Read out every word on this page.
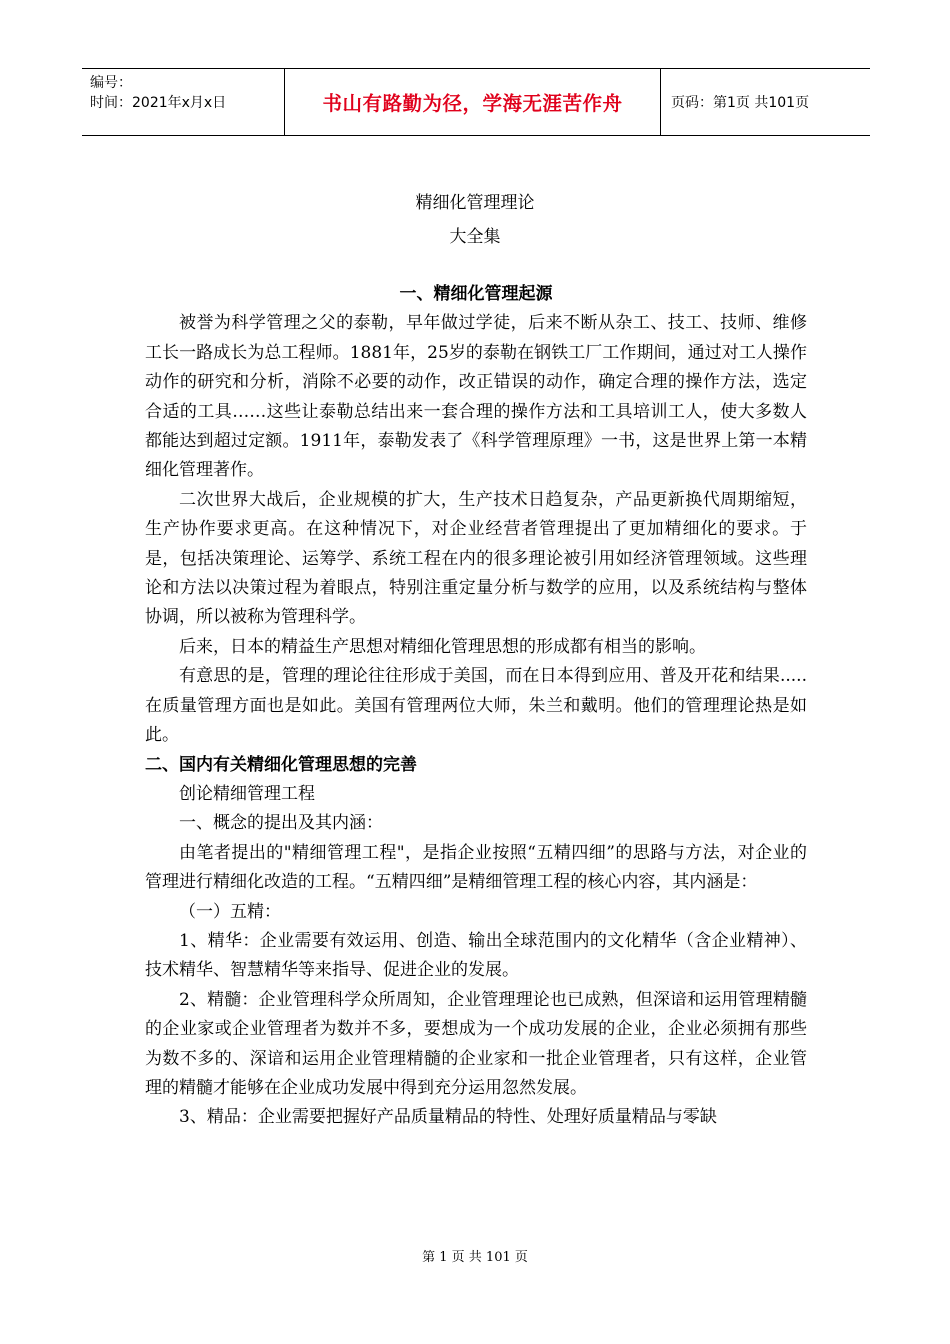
编号：
时间：2021年x月x日	书山有路勤为径，学海无涯苦作舟	页码：第1页 共101页
精细化管理理论
大全集

一、精细化管理起源

被誉为科学管理之父的泰勒，早年做过学徒，后来不断从杂工、技工、技师、维修工长一路成长为总工程师。1881年，25岁的泰勒在钢铁工厂工作期间，通过对工人操作动作的研究和分析，消除不必要的动作，改正错误的动作，确定合理的操作方法，选定合适的工具……这些让泰勒总结出来一套合理的操作方法和工具培训工人，使大多数人都能达到超过定额。1911年，泰勒发表了《科学管理原理》一书，这是世界上第一本精细化管理著作。

二次世界大战后，企业规模的扩大，生产技术日趋复杂，产品更新换代周期缩短，生产协作要求更高。在这种情况下，对企业经营者管理提出了更加精细化的要求。于是，包括决策理论、运筹学、系统工程在内的很多理论被引用如经济管理领域。这些理论和方法以决策过程为着眼点，特别注重定量分析与数学的应用，以及系统结构与整体协调，所以被称为管理科学。

后来，日本的精益生产思想对精细化管理思想的形成都有相当的影响。

有意思的是，管理的理论往往形成于美国，而在日本得到应用、普及开花和结果.....在质量管理方面也是如此。美国有管理两位大师，朱兰和戴明。他们的管理理论热是如此。

二、国内有关精细化管理思想的完善

创论精细管理工程

一、概念的提出及其内涵：

由笔者提出的"精细管理工程"，是指企业按照“五精四细”的思路与方法，对企业的管理进行精细化改造的工程。“五精四细”是精细管理工程的核心内容，其内涵是：

（一）五精：

1、精华：企业需要有效运用、创造、输出全球范围内的文化精华（含企业精神）、技术精华、智慧精华等来指导、促进企业的发展。

2、精髓：企业管理科学众所周知，企业管理理论也已成熟，但深谙和运用管理精髓的企业家或企业管理者为数并不多，要想成为一个成功发展的企业，企业必须拥有那些为数不多的、深谙和运用企业管理精髓的企业家和一批企业管理者，只有这样，企业管理的精髓才能够在企业成功发展中得到充分运用忽然发展。

3、精品：企业需要把握好产品质量精品的特性、处理好质量精品与零缺

第 1 页 共 101 页
